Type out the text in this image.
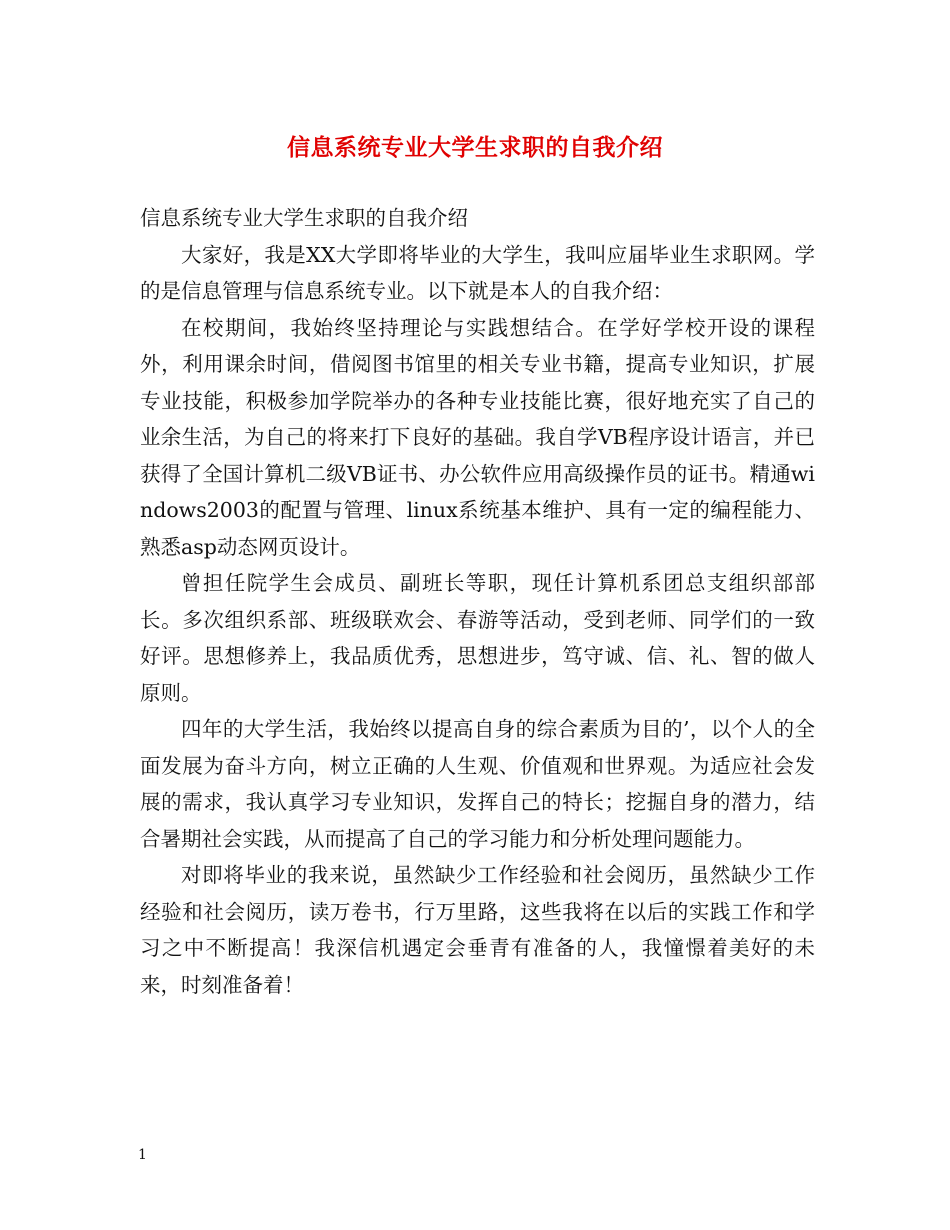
信息系统专业大学生求职的自我介绍

信息系统专业大学生求职的自我介绍

大家好，我是XX大学即将毕业的大学生，我叫应届毕业生求职网。学的是信息管理与信息系统专业。以下就是本人的自我介绍：

在校期间，我始终坚持理论与实践想结合。在学好学校开设的课程外，利用课余时间，借阅图书馆里的相关专业书籍，提高专业知识，扩展专业技能，积极参加学院举办的各种专业技能比赛，很好地充实了自己的业余生活，为自己的将来打下良好的基础。我自学VB程序设计语言，并已获得了全国计算机二级VB证书、办公软件应用高级操作员的证书。精通windows2003的配置与管理、linux系统基本维护、具有一定的编程能力、熟悉asp动态网页设计。

曾担任院学生会成员、副班长等职，现任计算机系团总支组织部部长。多次组织系部、班级联欢会、春游等活动，受到老师、同学们的一致好评。思想修养上，我品质优秀，思想进步，笃守诚、信、礼、智的做人原则。

四年的大学生活，我始终以提高自身的综合素质为目的’，以个人的全面发展为奋斗方向，树立正确的人生观、价值观和世界观。为适应社会发展的需求，我认真学习专业知识，发挥自己的特长；挖掘自身的潜力，结合暑期社会实践，从而提高了自己的学习能力和分析处理问题能力。

对即将毕业的我来说，虽然缺少工作经验和社会阅历，虽然缺少工作经验和社会阅历，读万卷书，行万里路，这些我将在以后的实践工作和学习之中不断提高！我深信机遇定会垂青有准备的人，我憧憬着美好的未来，时刻准备着！

1
